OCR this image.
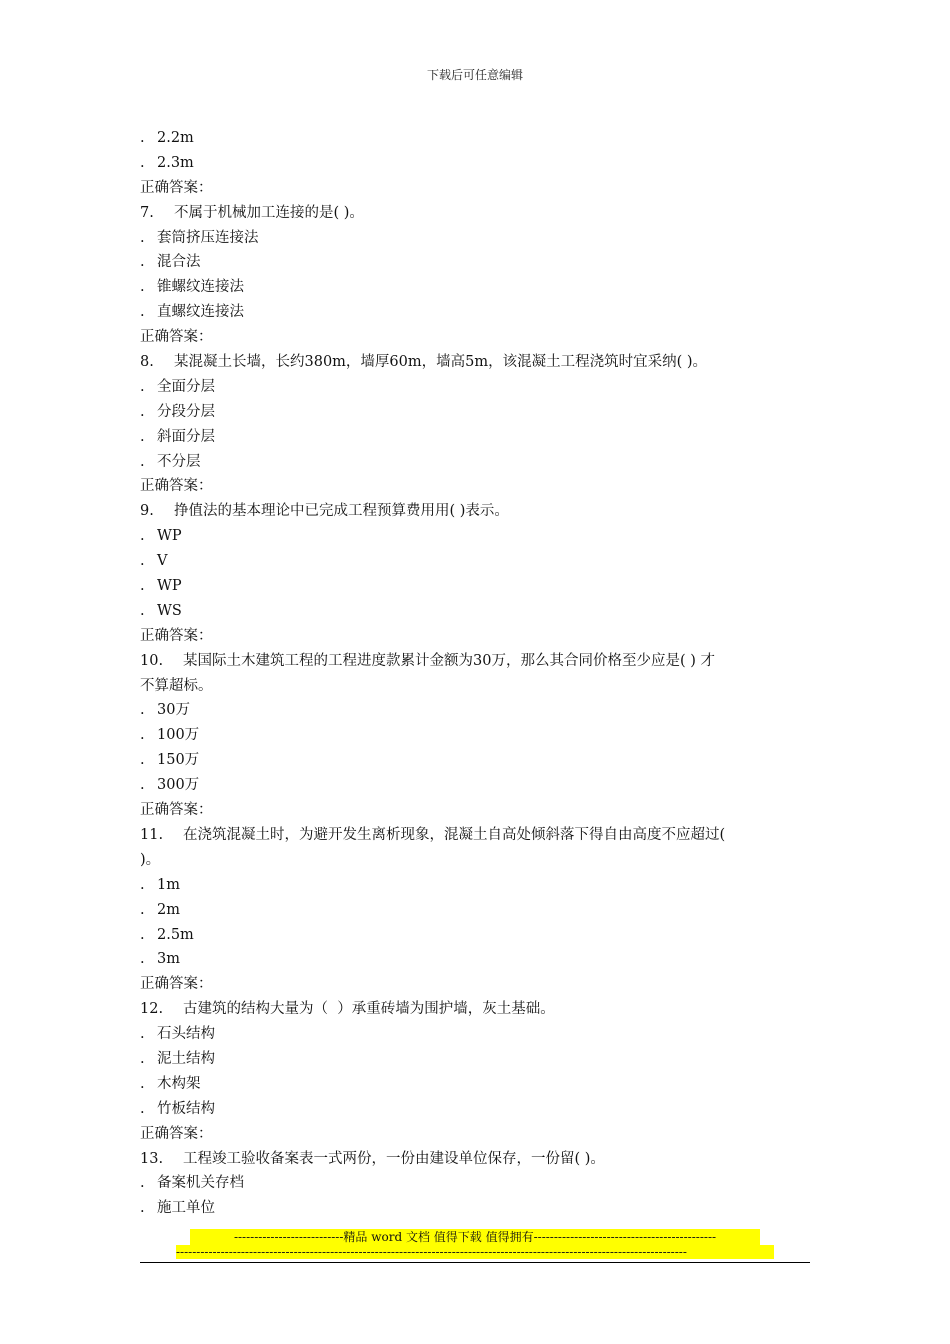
下载后可任意编辑
. 2.2m
. 2.3m
正确答案：
7. 不属于机械加工连接的是( )。
. 套筒挤压连接法
. 混合法
. 锥螺纹连接法
. 直螺纹连接法
正确答案：
8. 某混凝土长墙，长约380m，墙厚60m，墙高5m，该混凝土工程浇筑时宜采纳( )。
. 全面分层
. 分段分层
. 斜面分层
. 不分层
正确答案：
9. 挣值法的基本理论中已完成工程预算费用用( )表示。
. WP
. V
. WP
. WS
正确答案：
10. 某国际土木建筑工程的工程进度款累计金额为30万，那么其合同价格至少应是( ) 才
不算超标。
. 30万
. 100万
. 150万
. 300万
正确答案：
11. 在浇筑混凝土时，为避开发生离析现象，混凝土自高处倾斜落下得自由高度不应超过(
)。
. 1m
. 2m
. 2.5m
. 3m
正确答案：
12. 古建筑的结构大量为（  ）承重砖墙为围护墙，灰土基础。
. 石头结构
. 泥土结构
. 木构架
. 竹板结构
正确答案：
13. 工程竣工验收备案表一式两份，一份由建设单位保存，一份留( )。
. 备案机关存档
. 施工单位
---------------------------精品 word 文档 值得下载 值得拥有---------------------------------------------
------------------------------------------------------------------------------------------------------------------------------
